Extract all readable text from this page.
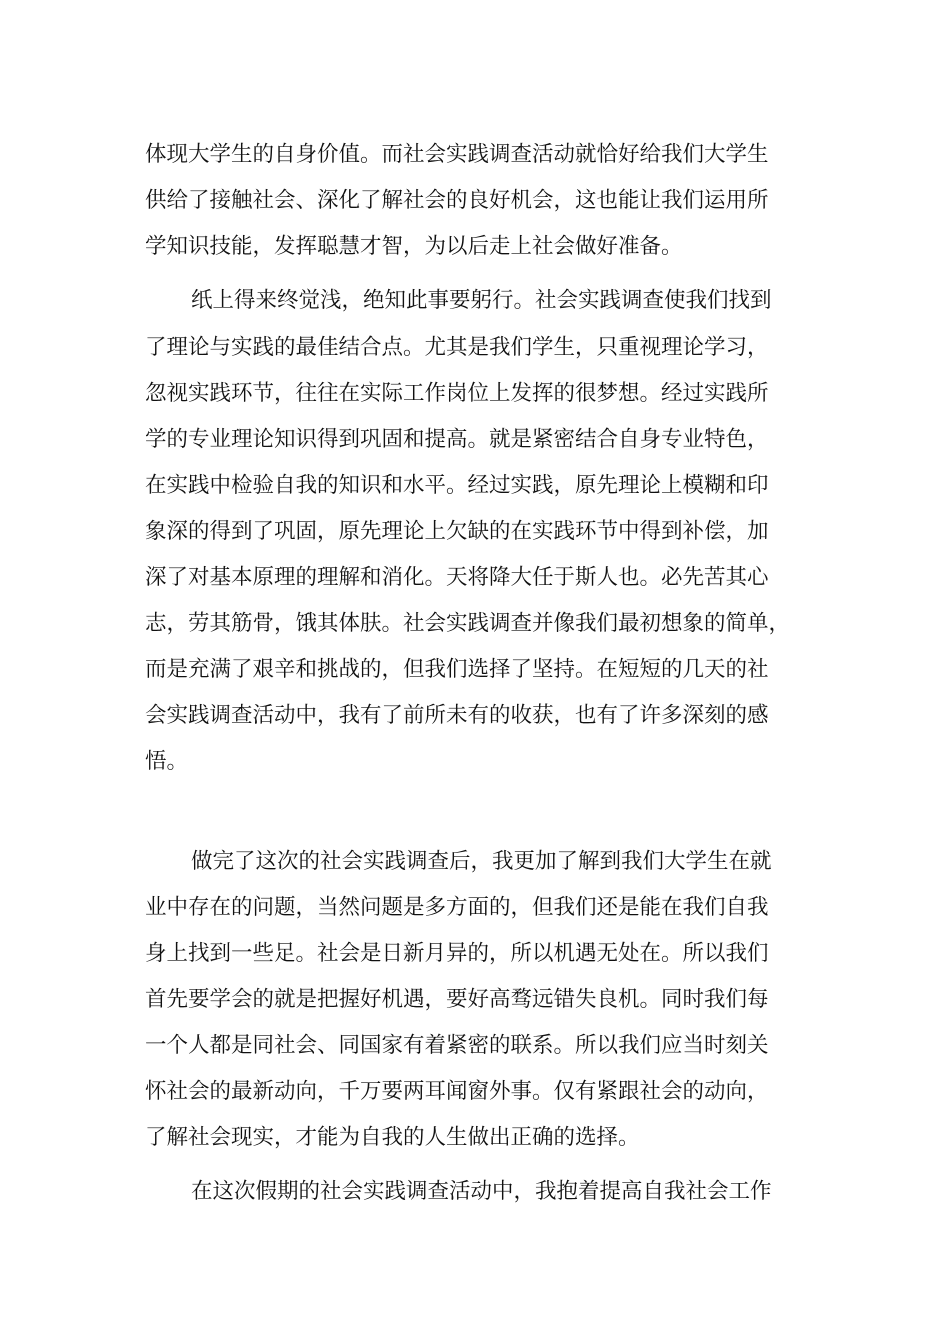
体现大学生的自身价值。而社会实践调查活动就恰好给我们大学生
供给了接触社会、深化了解社会的良好机会，这也能让我们运用所
学知识技能，发挥聪慧才智，为以后走上社会做好准备。
纸上得来终觉浅，绝知此事要躬行。社会实践调查使我们找到
了理论与实践的最佳结合点。尤其是我们学生，只重视理论学习，
忽视实践环节，往往在实际工作岗位上发挥的很梦想。经过实践所
学的专业理论知识得到巩固和提高。就是紧密结合自身专业特色，
在实践中检验自我的知识和水平。经过实践，原先理论上模糊和印
象深的得到了巩固，原先理论上欠缺的在实践环节中得到补偿，加
深了对基本原理的理解和消化。天将降大任于斯人也。必先苦其心
志，劳其筋骨，饿其体肤。社会实践调查并像我们最初想象的简单，
而是充满了艰辛和挑战的，但我们选择了坚持。在短短的几天的社
会实践调查活动中，我有了前所未有的收获，也有了许多深刻的感
悟。
做完了这次的社会实践调查后，我更加了解到我们大学生在就
业中存在的问题，当然问题是多方面的，但我们还是能在我们自我
身上找到一些足。社会是日新月异的，所以机遇无处在。所以我们
首先要学会的就是把握好机遇，要好高骛远错失良机。同时我们每
一个人都是同社会、同国家有着紧密的联系。所以我们应当时刻关
怀社会的最新动向，千万要两耳闻窗外事。仅有紧跟社会的动向，
了解社会现实，才能为自我的人生做出正确的选择。
在这次假期的社会实践调查活动中，我抱着提高自我社会工作
